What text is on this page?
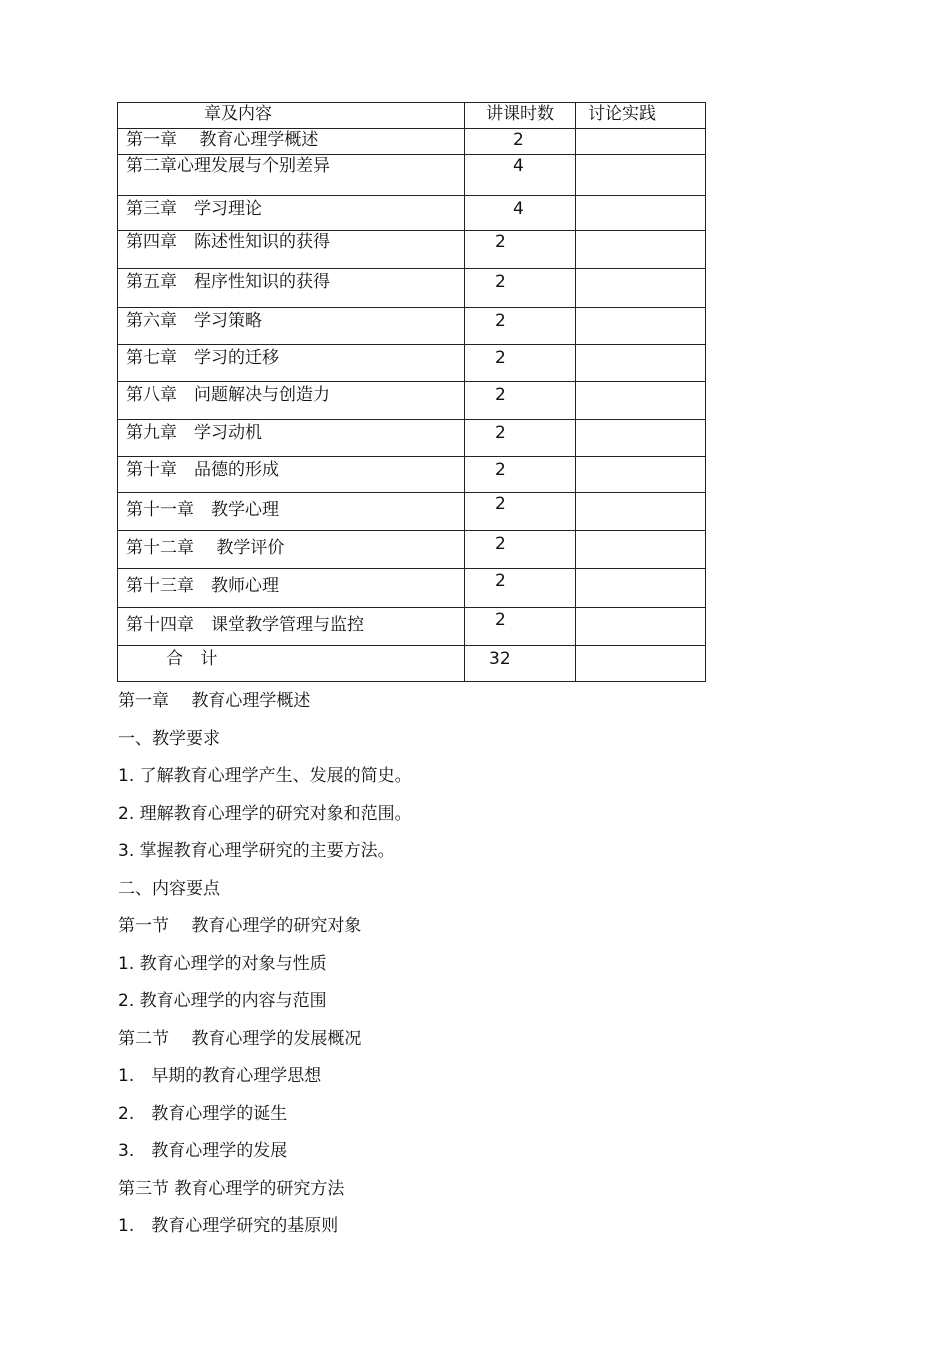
章及内容	讲课时数	讨论实践
第一章　 教育心理学概述	2	
第二章心理发展与个别差异	4	
第三章　学习理论	4	
第四章　陈述性知识的获得	2	
第五章　程序性知识的获得	2	
第六章　学习策略	2	
第七章　学习的迁移	2	
第八章　问题解决与创造力	2	
第九章　学习动机	2	
第十章　品德的形成	2	
第十一章　教学心理	2	
第十二章　 教学评价	2	
第十三章　教师心理	2	
第十四章　课堂教学管理与监控	2	
合 计	32	
第一章　 教育心理学概述
一、教学要求
1. 了解教育心理学产生、发展的简史。
2. 理解教育心理学的研究对象和范围。
3. 掌握教育心理学研究的主要方法。
二、内容要点
第一节　 教育心理学的研究对象
1. 教育心理学的对象与性质
2. 教育心理学的内容与范围
第二节　 教育心理学的发展概况
1.　早期的教育心理学思想
2.　教育心理学的诞生
3.　教育心理学的发展
第三节 教育心理学的研究方法
1.　教育心理学研究的基原则
